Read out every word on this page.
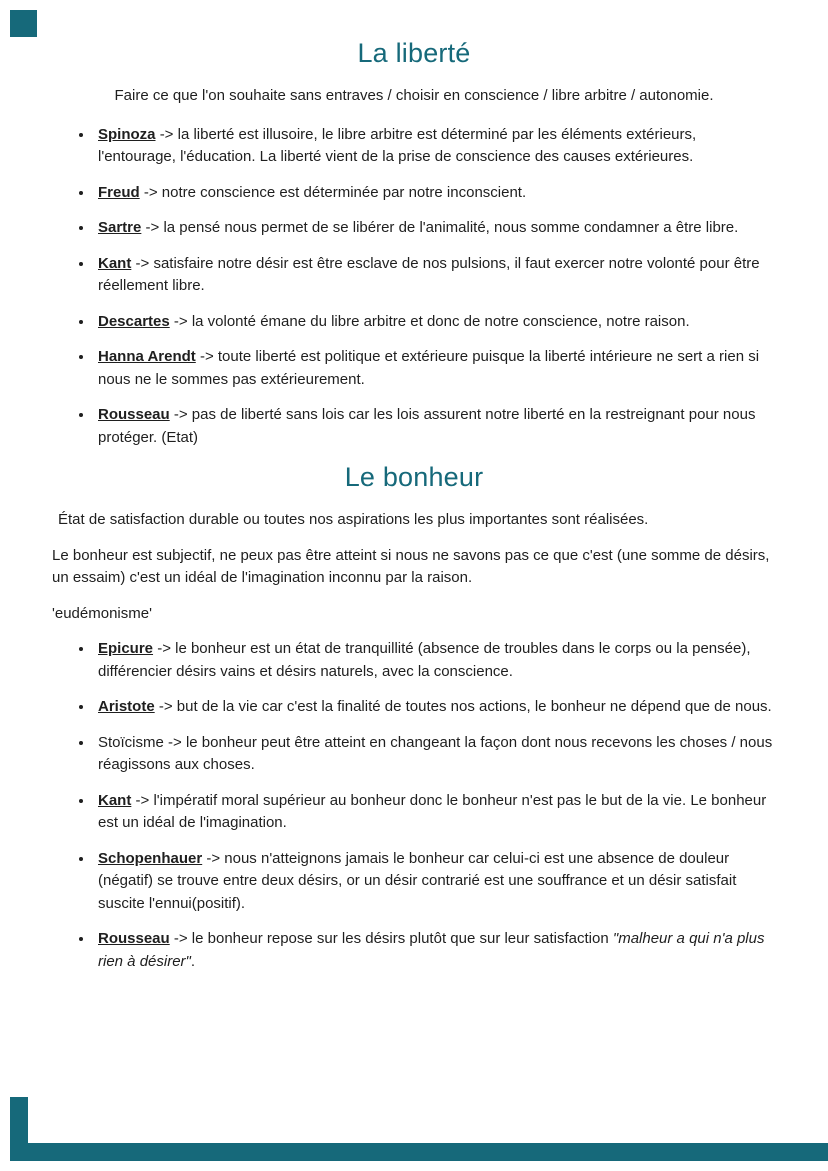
La liberté

Faire ce que l'on souhaite sans entraves / choisir en conscience / libre arbitre / autonomie.

• Spinoza -> la liberté est illusoire, le libre arbitre est déterminé par les éléments extérieurs, l'entourage, l'éducation. La liberté vient de la prise de conscience des causes extérieures.
• Freud -> notre conscience est déterminée par notre inconscient.
• Sartre -> la pensé nous permet de se libérer de l'animalité, nous somme condamner a être libre.
• Kant -> satisfaire notre désir est être esclave de nos pulsions, il faut exercer notre volonté pour être réellement libre.
• Descartes -> la volonté émane du libre arbitre et donc de notre conscience, notre raison.
• Hanna Arendt -> toute liberté est politique et extérieure puisque la liberté intérieure ne sert a rien si nous ne le sommes pas extérieurement.
• Rousseau -> pas de liberté sans lois car les lois assurent notre liberté en la restreignant pour nous protéger. (Etat)
Le bonheur

État de satisfaction durable ou toutes nos aspirations les plus importantes sont réalisées.

Le bonheur est subjectif, ne peux pas être atteint si nous ne savons pas ce que c'est (une somme de désirs, un essaim) c'est un idéal de l'imagination inconnu par la raison.

'eudémonisme'

• Epicure -> le bonheur est un état de tranquillité (absence de troubles dans le corps ou la pensée), différencier désirs vains et désirs naturels, avec la conscience.
• Aristote -> but de la vie car c'est la finalité de toutes nos actions, le bonheur ne dépend que de nous.
• Stoïcisme -> le bonheur peut être atteint en changeant la façon dont nous recevons les choses / nous réagissons aux choses.
• Kant -> l'impératif moral supérieur au bonheur donc le bonheur n'est pas le but de la vie. Le bonheur est un idéal de l'imagination.
• Schopenhauer -> nous n'atteignons jamais le bonheur car celui-ci est une absence de douleur (négatif) se trouve entre deux désirs, or un désir contrarié est une souffrance et un désir satisfait suscite l'ennui(positif).
• Rousseau -> le bonheur repose sur les désirs plutôt que sur leur satisfaction "malheur a qui n'a plus rien à désirer".
